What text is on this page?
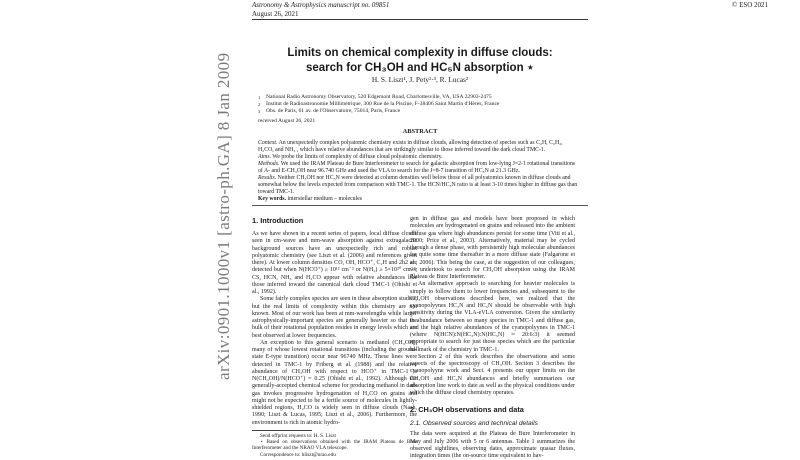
arXiv:0901.1000v1 [astro-ph.GA] 8 Jan 2009
Astronomy & Astrophysics manuscript no. 09851
August 26, 2021
© ESO 2021
Limits on chemical complexity in diffuse clouds:
search for CH₃OH and HC₅N absorption ⋆
H. S. Liszt¹, J. Pety²·³, R. Lucas²
1 National Radio Astronomy Observatory, 520 Edgemont Road, Charlottesville, VA, USA 22903-2475
2 Institut de Radioastronomie Millimétrique, 300 Rue de la Piscine, F-38406 Saint Martin d'Hères, France
3 Obs. de Paris, 61 av. de l'Observatoire, 75014, Paris, France
received August 26, 2021
ABSTRACT
Context. An unexpectedly complex polyatomic chemistry exists in diffuse clouds, allowing detection of species such as C₂H, C₃H₂, H₂CO, and NH₃ , which have relative abundances that are strikingly similar to those inferred toward the dark cloud TMC-1.
Aims. We probe the limits of complexity of diffuse cloud polyatomic chemistry.
Methods. We used the IRAM Plateau de Bure Interferometer to search for galactic absorption from low-lying J=2-1 rotational transitions of A- and E-CH₃OH near 96.740 GHz and used the VLA to search for the J=8-7 transition of HC₅N at 21.3 GHz.
Results. Neither CH₃OH nor HC₅N were detected at column densities well below those of all polyatomics known in diffuse clouds and somewhat below the levels expected from comparison with TMC-1. The HCN/HC₃N ratio is at least 3-10 times higher in diffuse gas than toward TMC-1.
Key words. interstellar medium – molecules
1. Introduction

As we have shown in a recent series of papers, local diffuse clouds seen in cm-wave and mm-wave absorption against extragalactic background sources have an unexpectedly rich and robust polyatomic chemistry (see Liszt et al. (2006) and references given there). At lower column densities CO, OH, HCO⁺, C₂H and 2h2 are detected but when N(HCO⁺) ≥ 10¹² cm⁻² or N(H₂) ≥ 5×10²⁰ cm⁻², CS, HCN, NH₃ and H₂CO appear with relative abundances like those inferred toward the canonical dark cloud TMC-1 (Ohishi et al., 1992).

Some fairly complex species are seen in these absorption studies, but the real limits of complexity within this chemistry are not known. Most of our work has been at mm-wavelengths while larger astrophysically-important species are generally heavier so that the bulk of their rotational population resides in energy levels which are best observed at lower frequencies.

An exception to this general scenario is methanol (CH₃OH), many of whose lowest rotational transitions (including the ground-state E-type transition) occur near 96740 MHz. These lines were detected in TMC-1 by Friberg et al. (1988) and the relative abundance of CH₃OH with respect to HCO⁺ in TMC-1 is N(CH₃OH)/N(HCO⁺) = 0.25 (Ohishi et al., 1992). Although the generally-accepted chemical scheme for producing methanol in dark gas invokes progressive hydrogenation of H₂CO on grains and might not be expected to be a fertile source of molecules in lightly-shielded regions, H₂CO is widely seen in diffuse clouds (Nash, 1990; Liszt & Lucas, 1995; Liszt et al., 2006). Furthermore, the environment is rich in atomic hydro-

Send offprint requests to: H. S. Liszt

⋆ Based on observations obtained with the IRAM Plateau de Bure Interferometer and the NRAO VLA telescope.

Correspondence to: hliszt@nrao.edu

gen in diffuse gas and models have been proposed in which molecules are hydrogenated on grains and released into the ambient diffuse gas where high abundances persist for some time (Viti et al., 2000; Price et al., 2003). Alternatively, material may be cycled through a dense phase, with persistently high molecular abundances for quite some time thereafter in a more diffuse state (Falgarone et al., 2006). This being the case, at the suggestion of our colleagues, we undertook to search for CH₃OH absorption using the IRAM Plateau de Bure Interferometer.

An alternative approach to searching for heavier molecules is simply to follow them to lower frequencies and, subsequent to the CH₃OH observations described here, we realized that the cyanopolyynes HC₃N and HC₅N should be observable with high sensitivity during the VLA-eVLA conversion. Given the similarity in abundance between so many species in TMC-1 and diffuse gas, and the high relative abundances of the cyanopolyynes in TMC-1 (where N(HCN):N(HC₃N):N(HC₅N) ≈ 20:6:3) it seemed appropriate to search for just those species which are the particular hallmark of the chemistry in TMC-1.

Section 2 of this work describes the observations and some aspects of the spectroscopy of CH₃OH. Section 3 describes the cyanopolyyne work and Sect. 4 presents our upper limits on the CH₃OH and HC₅N abundances and briefly summarizes our absorption line work to date as well as the physical conditions under which the diffuse cloud chemistry operates.

2. CH₃OH observations and data
2.1. Observed sources and technical details

The data were acquired at the Plateau de Bure Interferometer in May and July 2006 with 5 or 6 antennas. Table 1 summarizes the observed sightlines, observing dates, approximate quasar fluxes, integration times (the on-source time equivalent to hav-
